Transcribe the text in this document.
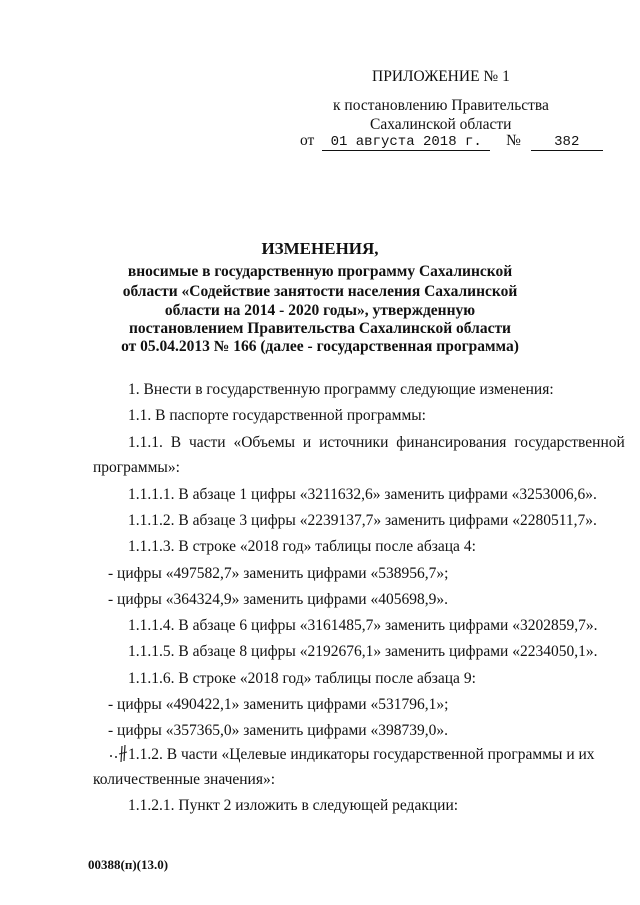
ПРИЛОЖЕНИЕ № 1
к постановлению Правительства
Сахалинской области
от 01 августа 2018 г. № 382
ИЗМЕНЕНИЯ,
вносимые в государственную программу Сахалинской
области «Содействие занятости населения Сахалинской
области на 2014 - 2020 годы», утвержденную
постановлением Правительства Сахалинской области
от 05.04.2013 № 166 (далее - государственная программа)
1. Внести в государственную программу следующие изменения:
1.1. В паспорте государственной программы:
1.1.1. В части «Объемы и источники финансирования государственной
программы»:
1.1.1.1. В абзаце 1 цифры «3211632,6» заменить цифрами «3253006,6».
1.1.1.2. В абзаце 3 цифры «2239137,7» заменить цифрами «2280511,7».
1.1.1.3. В строке «2018 год» таблицы после абзаца 4:
- цифры «497582,7» заменить цифрами «538956,7»;
- цифры «364324,9» заменить цифрами «405698,9».
1.1.1.4. В абзаце 6 цифры «3161485,7» заменить цифрами «3202859,7».
1.1.1.5. В абзаце 8 цифры «2192676,1» заменить цифрами «2234050,1».
1.1.1.6. В строке «2018 год» таблицы после абзаца 9:
- цифры «490422,1» заменить цифрами «531796,1»;
- цифры «357365,0» заменить цифрами «398739,0».
1.1.2. В части «Целевые индикаторы государственной программы и их
количественные значения»:
1.1.2.1. Пункт 2 изложить в следующей редакции:
00388(п)(13.0)
